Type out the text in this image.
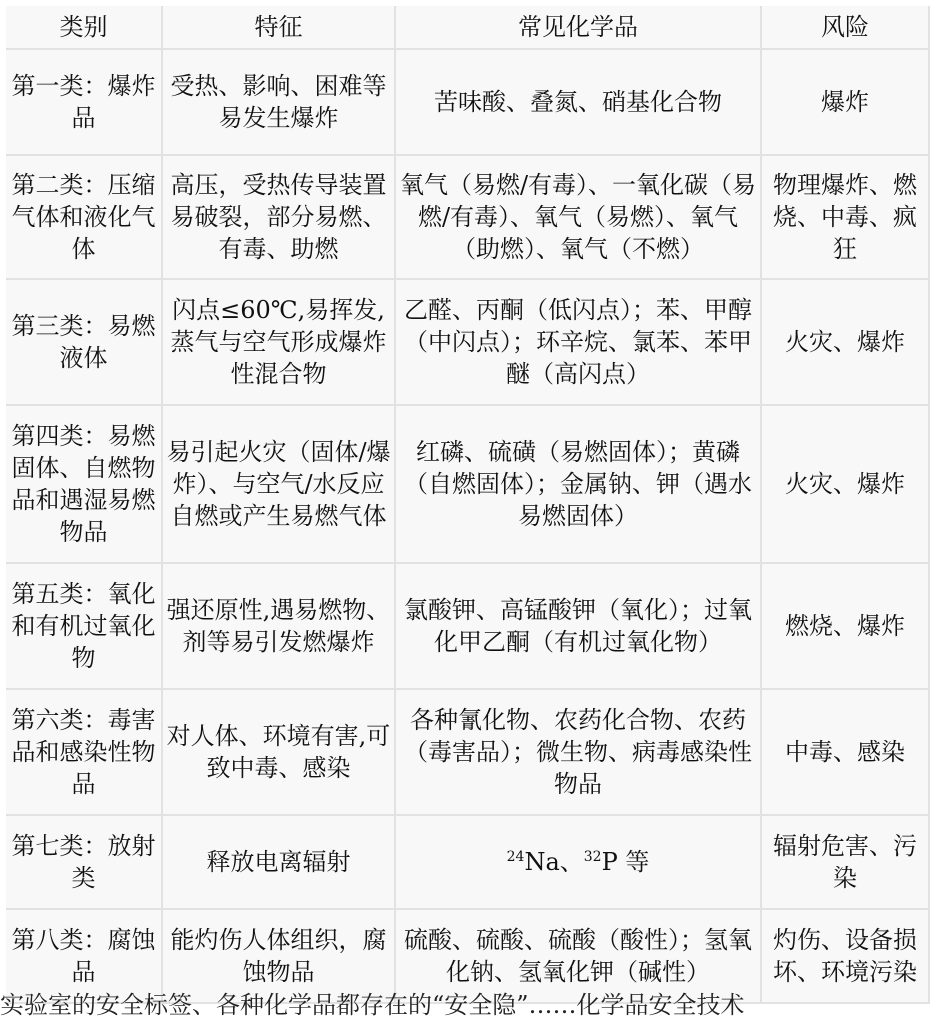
类别	特征	常见化学品	风险
第一类：爆炸品	受热、影响、困难等易发生爆炸	苦味酸、叠氮、硝基化合物	爆炸
第二类：压缩气体和液化气体	高压，受热传导装置易破裂，部分易燃、有毒、助燃	氧气（易燃/有毒）、一氧化碳（易燃/有毒）、氧气（易燃）、氧气（助燃）、氧气（不燃）	物理爆炸、燃烧、中毒、疯狂
第三类：易燃液体	闪点≤60℃,易挥发,蒸气与空气形成爆炸性混合物	乙醛、丙酮（低闪点）；苯、甲醇（中闪点）；环辛烷、氯苯、苯甲醚（高闪点）	火灾、爆炸
第四类：易燃固体、自燃物品和遇湿易燃物品	易引起火灾（固体/爆炸）、与空气/水反应自燃或产生易燃气体	红磷、硫磺（易燃固体）；黄磷（自燃固体）；金属钠、钾（遇水易燃固体）	火灾、爆炸
第五类：氧化和有机过氧化物	强还原性,遇易燃物、剂等易引发燃爆炸	氯酸钾、高锰酸钾（氧化）；过氧化甲乙酮（有机过氧化物）	燃烧、爆炸
第六类：毒害品和感染性物品	对人体、环境有害,可致中毒、感染	各种氰化物、农药化合物、农药（毒害品）；微生物、病毒感染性物品	中毒、感染
第七类：放射类	释放电离辐射	$^{24}$Na、$^{32}$P 等	辐射危害、污染
第八类：腐蚀品	能灼伤人体组织，腐蚀物品	硫酸、硫酸、硫酸（酸性）；氢氧化钠、氢氧化钾（碱性）	灼伤、设备损坏、环境污染
实验室的安全标签、各种化学品都存在的“安全隐”……化学品安全技术
